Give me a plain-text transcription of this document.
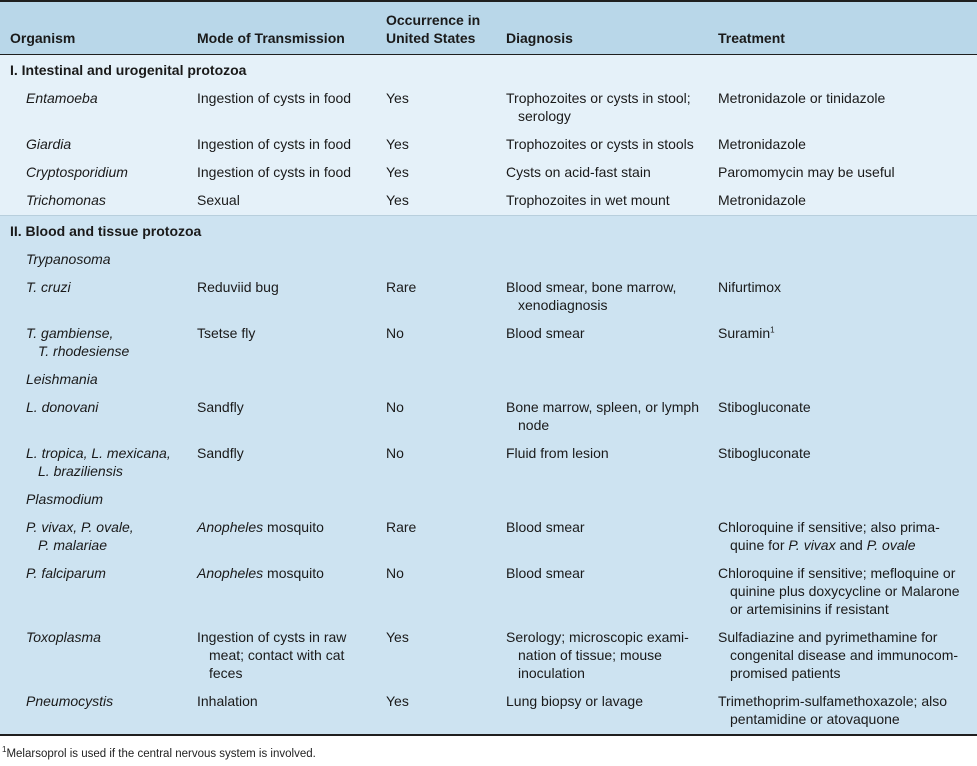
Organism	Mode of Transmission	Occurrence in United States	Diagnosis	Treatment
I. Intestinal and urogenital protozoa				
Entamoeba	Ingestion of cysts in food	Yes	Trophozoites or cysts in stool; serology	Metronidazole or tinidazole
Giardia	Ingestion of cysts in food	Yes	Trophozoites or cysts in stools	Metronidazole
Cryptosporidium	Ingestion of cysts in food	Yes	Cysts on acid-fast stain	Paromomycin may be useful
Trichomonas	Sexual	Yes	Trophozoites in wet mount	Metronidazole
II. Blood and tissue protozoa				
Trypanosoma				
T. cruzi	Reduviid bug	Rare	Blood smear, bone marrow, xenodiagnosis	Nifurtimox

T. gambiense,
T. rhodesiense	Tsetse fly	No	Blood smear	Suramin$^1$
Leishmania				
L. donovani	Sandfly	No	Bone marrow, spleen, or lymph node	Stibogluconate

L. tropica, L. mexicana,
L. braziliensis	Sandfly	No	Fluid from lesion	Stibogluconate
Plasmodium				

P. vivax, P. ovale,
P. malariae	Anopheles mosquito	Rare	Blood smear	Chloroquine if sensitive; also prima-
quine for P. vivax and P. ovale

P. falciparum	Anopheles mosquito	No	Blood smear	Chloroquine if sensitive; mefloquine or quinine plus doxycycline or Malarone or artemisinins if resistant

Toxoplasma	Ingestion of cysts in raw meat; contact with cat feces	Yes	Serology; microscopic exami-nation of tissue; mouse inoculation	Sulfadiazine and pyrimethamine for congenital disease and immunocom-promised patients

Pneumocystis	Inhalation	Yes	Lung biopsy or lavage	Trimethoprim-sulfamethoxazole; also pentamidine or atovaquone
$^1$Melarsoprol is used if the central nervous system is involved.
